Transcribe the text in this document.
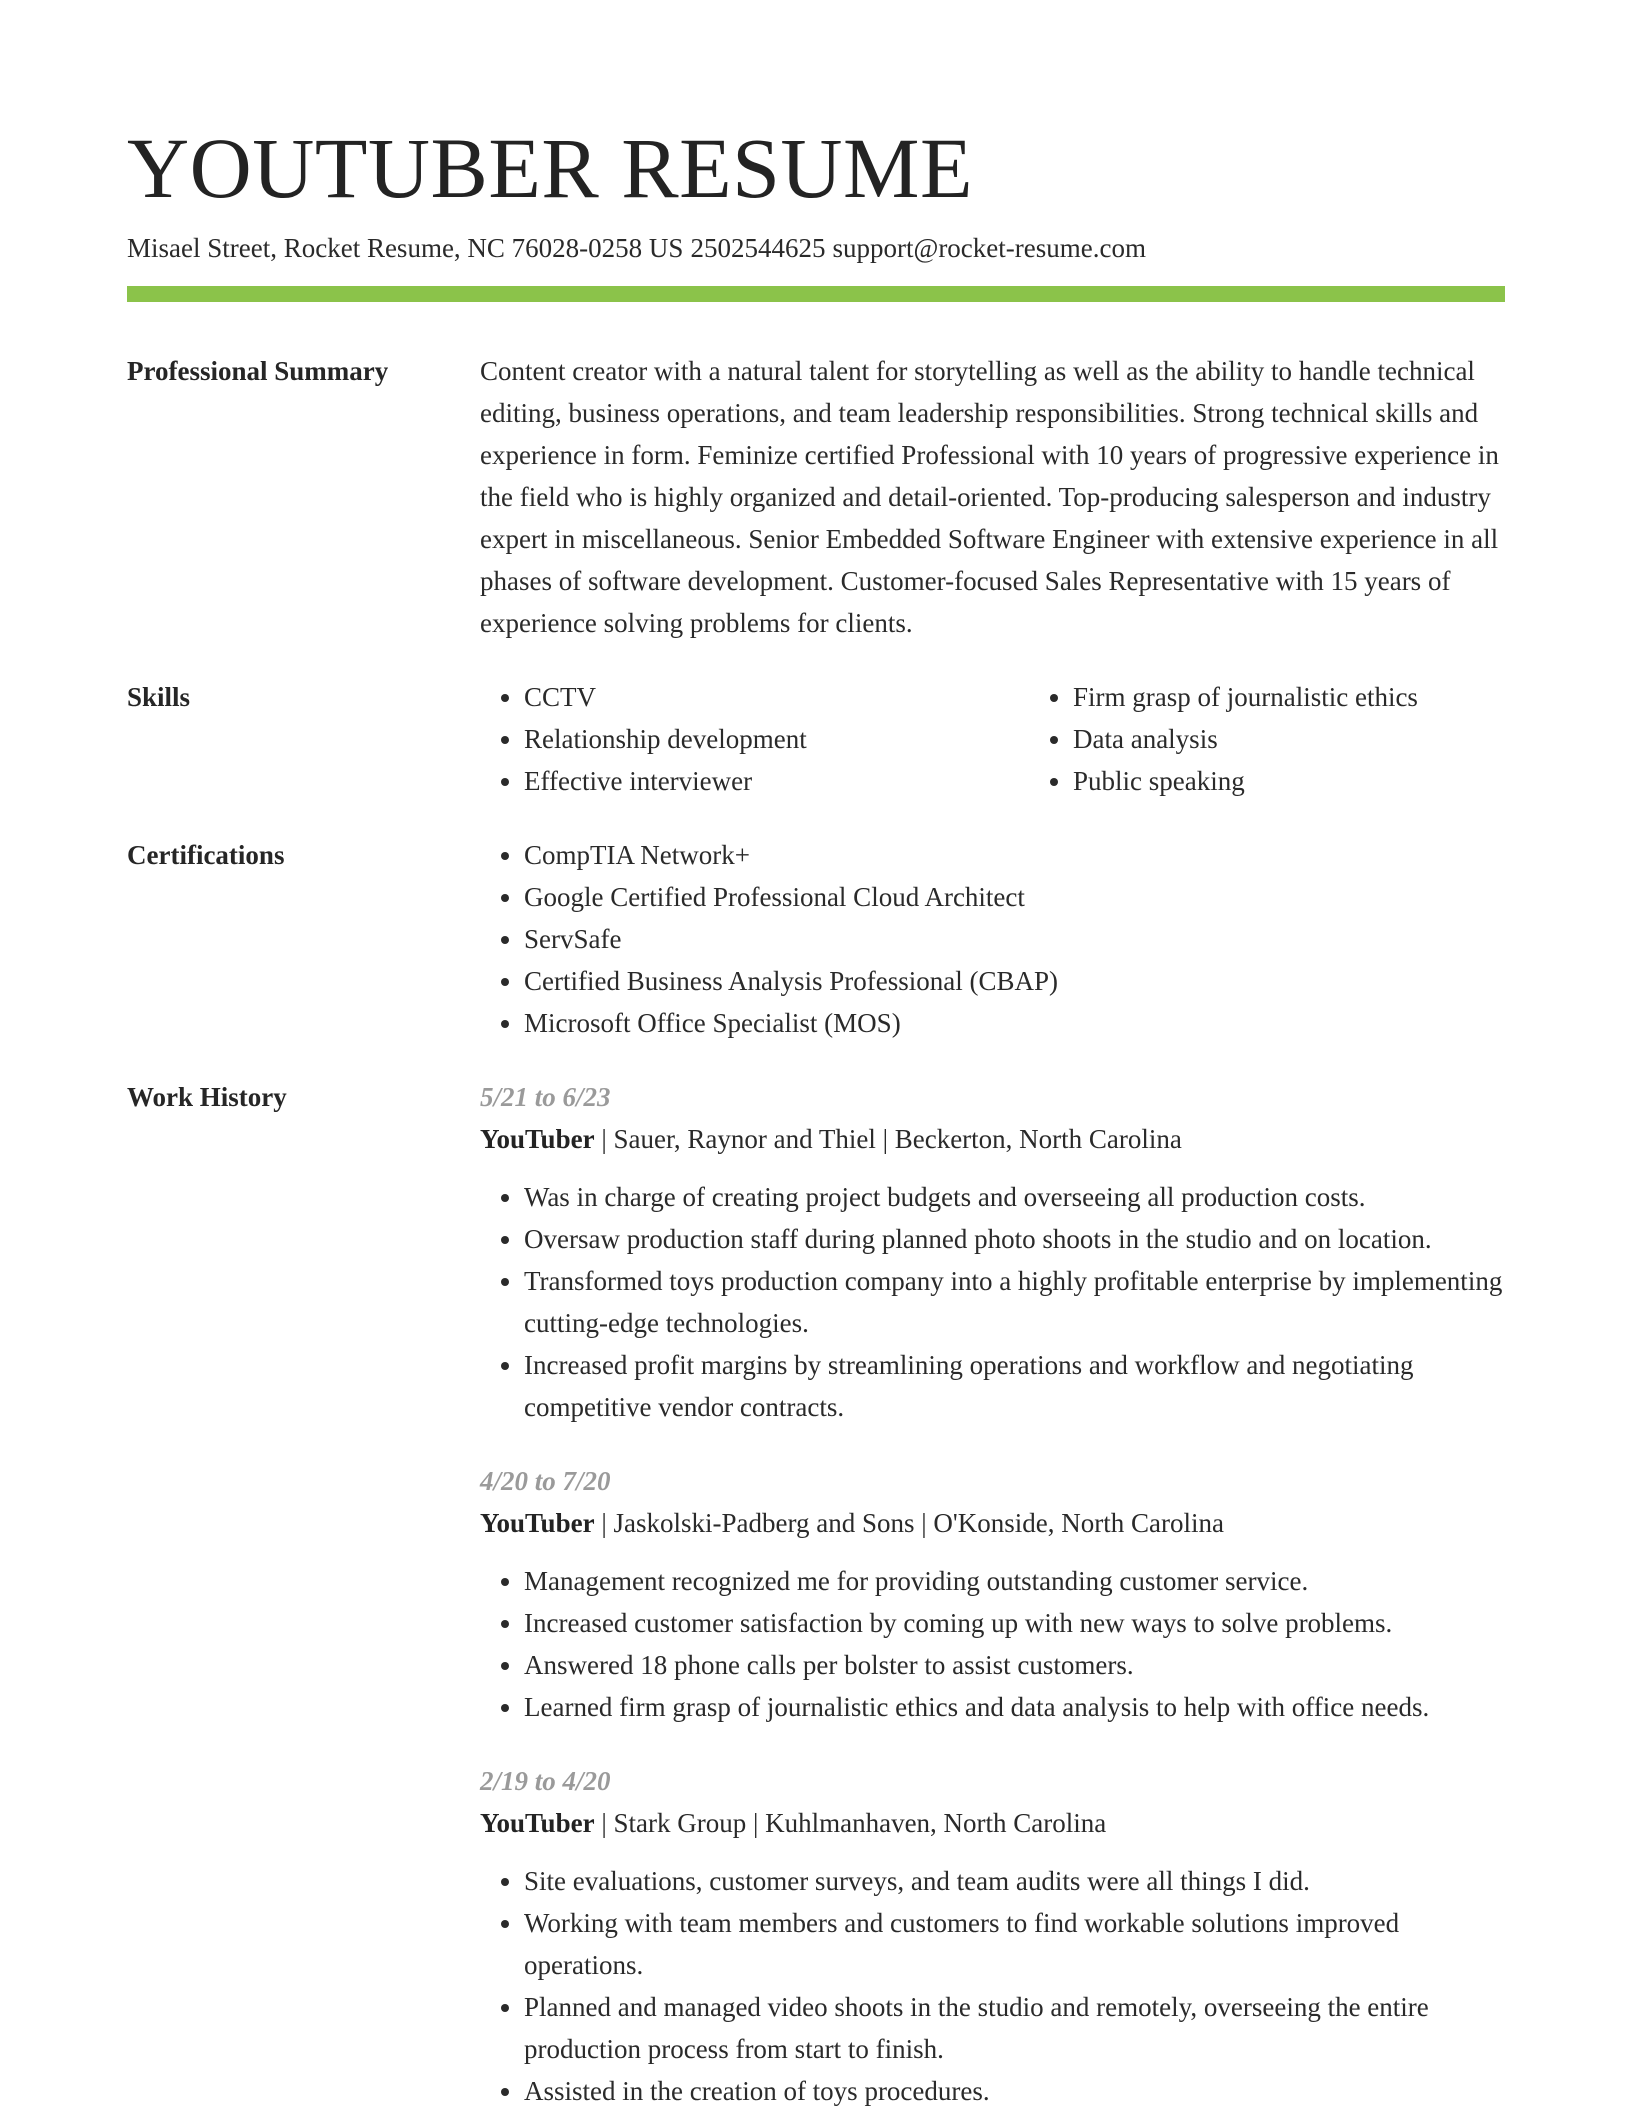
YOUTUBER RESUME
Misael Street, Rocket Resume, NC 76028-0258 US 2502544625 support@rocket-resume.com
Professional Summary	Content creator with a natural talent for storytelling as well as the ability to handle technical editing, business operations, and team leadership responsibilities. Strong technical skills and experience in form. Feminize certified Professional with 10 years of progressive experience in the field who is highly organized and detail-oriented. Top-producing salesperson and industry expert in miscellaneous. Senior Embedded Software Engineer with extensive experience in all phases of software development. Customer-focused Sales Representative with 15 years of experience solving problems for clients.
Skills	• CCTV
• Relationship development
• Effective interviewer
• Firm grasp of journalistic ethics
• Data analysis
• Public speaking
Certifications	• CompTIA Network+
• Google Certified Professional Cloud Architect
• ServSafe
• Certified Business Analysis Professional (CBAP)
• Microsoft Office Specialist (MOS)
Work History	5/21 to 6/23
YouTuber | Sauer, Raynor and Thiel | Beckerton, North Carolina
• Was in charge of creating project budgets and overseeing all production costs.
• Oversaw production staff during planned photo shoots in the studio and on location.
• Transformed toys production company into a highly profitable enterprise by implementing cutting-edge technologies.
• Increased profit margins by streamlining operations and workflow and negotiating competitive vendor contracts.
4/20 to 7/20
YouTuber | Jaskolski-Padberg and Sons | O'Konside, North Carolina
• Management recognized me for providing outstanding customer service.
• Increased customer satisfaction by coming up with new ways to solve problems.
• Answered 18 phone calls per bolster to assist customers.
• Learned firm grasp of journalistic ethics and data analysis to help with office needs.
2/19 to 4/20
YouTuber | Stark Group | Kuhlmanhaven, North Carolina
• Site evaluations, customer surveys, and team audits were all things I did.
• Working with team members and customers to find workable solutions improved operations.
• Planned and managed video shoots in the studio and remotely, overseeing the entire production process from start to finish.
• Assisted in the creation of toys procedures.
